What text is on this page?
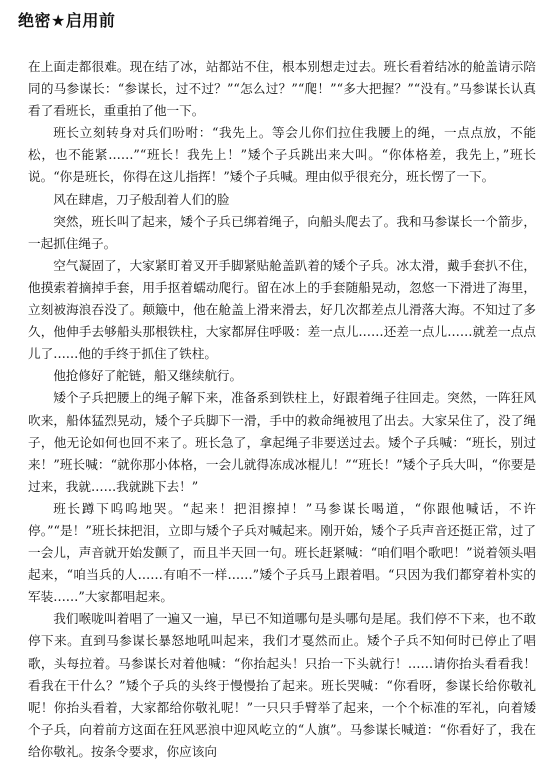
绝密★启用前

在上面走都很难。现在结了冰，站都站不住，根本别想走过去。班长看着结冰的舱盖请示陪同的马参谋长：“参谋长，过不过？”“怎么过？”“爬！”“多大把握？”“没有。”马参谋长认真看了看班长，重重拍了他一下。

班长立刻转身对兵们吩咐：“我先上。等会儿你们拉住我腰上的绳，一点点放，不能松，也不能紧……”“班长！我先上！”矮个子兵跳出来大叫。“你体格差，我先上，”班长说。“你是班长，你得在这儿指挥！”矮个子兵喊。理由似乎很充分，班长愣了一下。

风在肆虐，刀子般刮着人们的脸

突然，班长叫了起来，矮个子兵已绑着绳子，向船头爬去了。我和马参谋长一个箭步，一起抓住绳子。

空气凝固了，大家紧盯着叉开手脚紧贴舱盖趴着的矮个子兵。冰太滑，戴手套扒不住，他摸索着摘掉手套，用手抠着蠕动爬行。留在冰上的手套随船晃动，忽悠一下滑进了海里，立刻被海浪吞没了。颠簸中，他在舱盖上滑来滑去，好几次都差点儿滑落大海。不知过了多久，他伸手去够船头那根铁柱，大家都屏住呼吸：差一点儿……还差一点儿……就差一点点儿了……他的手终于抓住了铁柱。

他抢修好了舵链，船又继续航行。

矮个子兵把腰上的绳子解下来，准备系到铁柱上，好跟着绳子往回走。突然，一阵狂风吹来，船体猛烈晃动，矮个子兵脚下一滑，手中的救命绳被甩了出去。大家呆住了，没了绳子，他无论如何也回不来了。班长急了，拿起绳子非要送过去。矮个子兵喊：“班长，别过来！”班长喊：“就你那小体格，一会儿就得冻成冰棍儿！”“班长！”矮个子兵大叫，“你要是过来，我就……我就跳下去！”

班长蹲下呜呜地哭。“起来！把泪擦掉！”马参谋长喝道，“你跟他喊话，不许停。”“是！”班长抹把泪，立即与矮个子兵对喊起来。刚开始，矮个子兵声音还挺正常，过了一会儿，声音就开始发颤了，而且半天回一句。班长赶紧喊：“咱们唱个歌吧！”说着领头唱起来，“咱当兵的人……有咱不一样……”矮个子兵马上跟着唱。“只因为我们都穿着朴实的军装……”大家都唱起来。

我们喉咙叫着唱了一遍又一遍，早已不知道哪句是头哪句是尾。我们停不下来，也不敢停下来。直到马参谋长暴怒地吼叫起来，我们才戛然而止。矮个子兵不知何时已停止了唱歌，头每拉着。马参谋长对着他喊：“你抬起头！只抬一下头就行！……请你抬头看看我！看我在干什么？”矮个子兵的头终于慢慢抬了起来。班长哭喊：“你看呀，参谋长给你敬礼呢！你抬头看着，大家都给你敬礼呢！”一只只手臂举了起来，一个个标准的军礼，向着矮个子兵，向着前方这面在狂风恶浪中迎风屹立的“人旗”。马参谋长喊道：“你看好了，我在给你敬礼。按条令要求，你应该向
